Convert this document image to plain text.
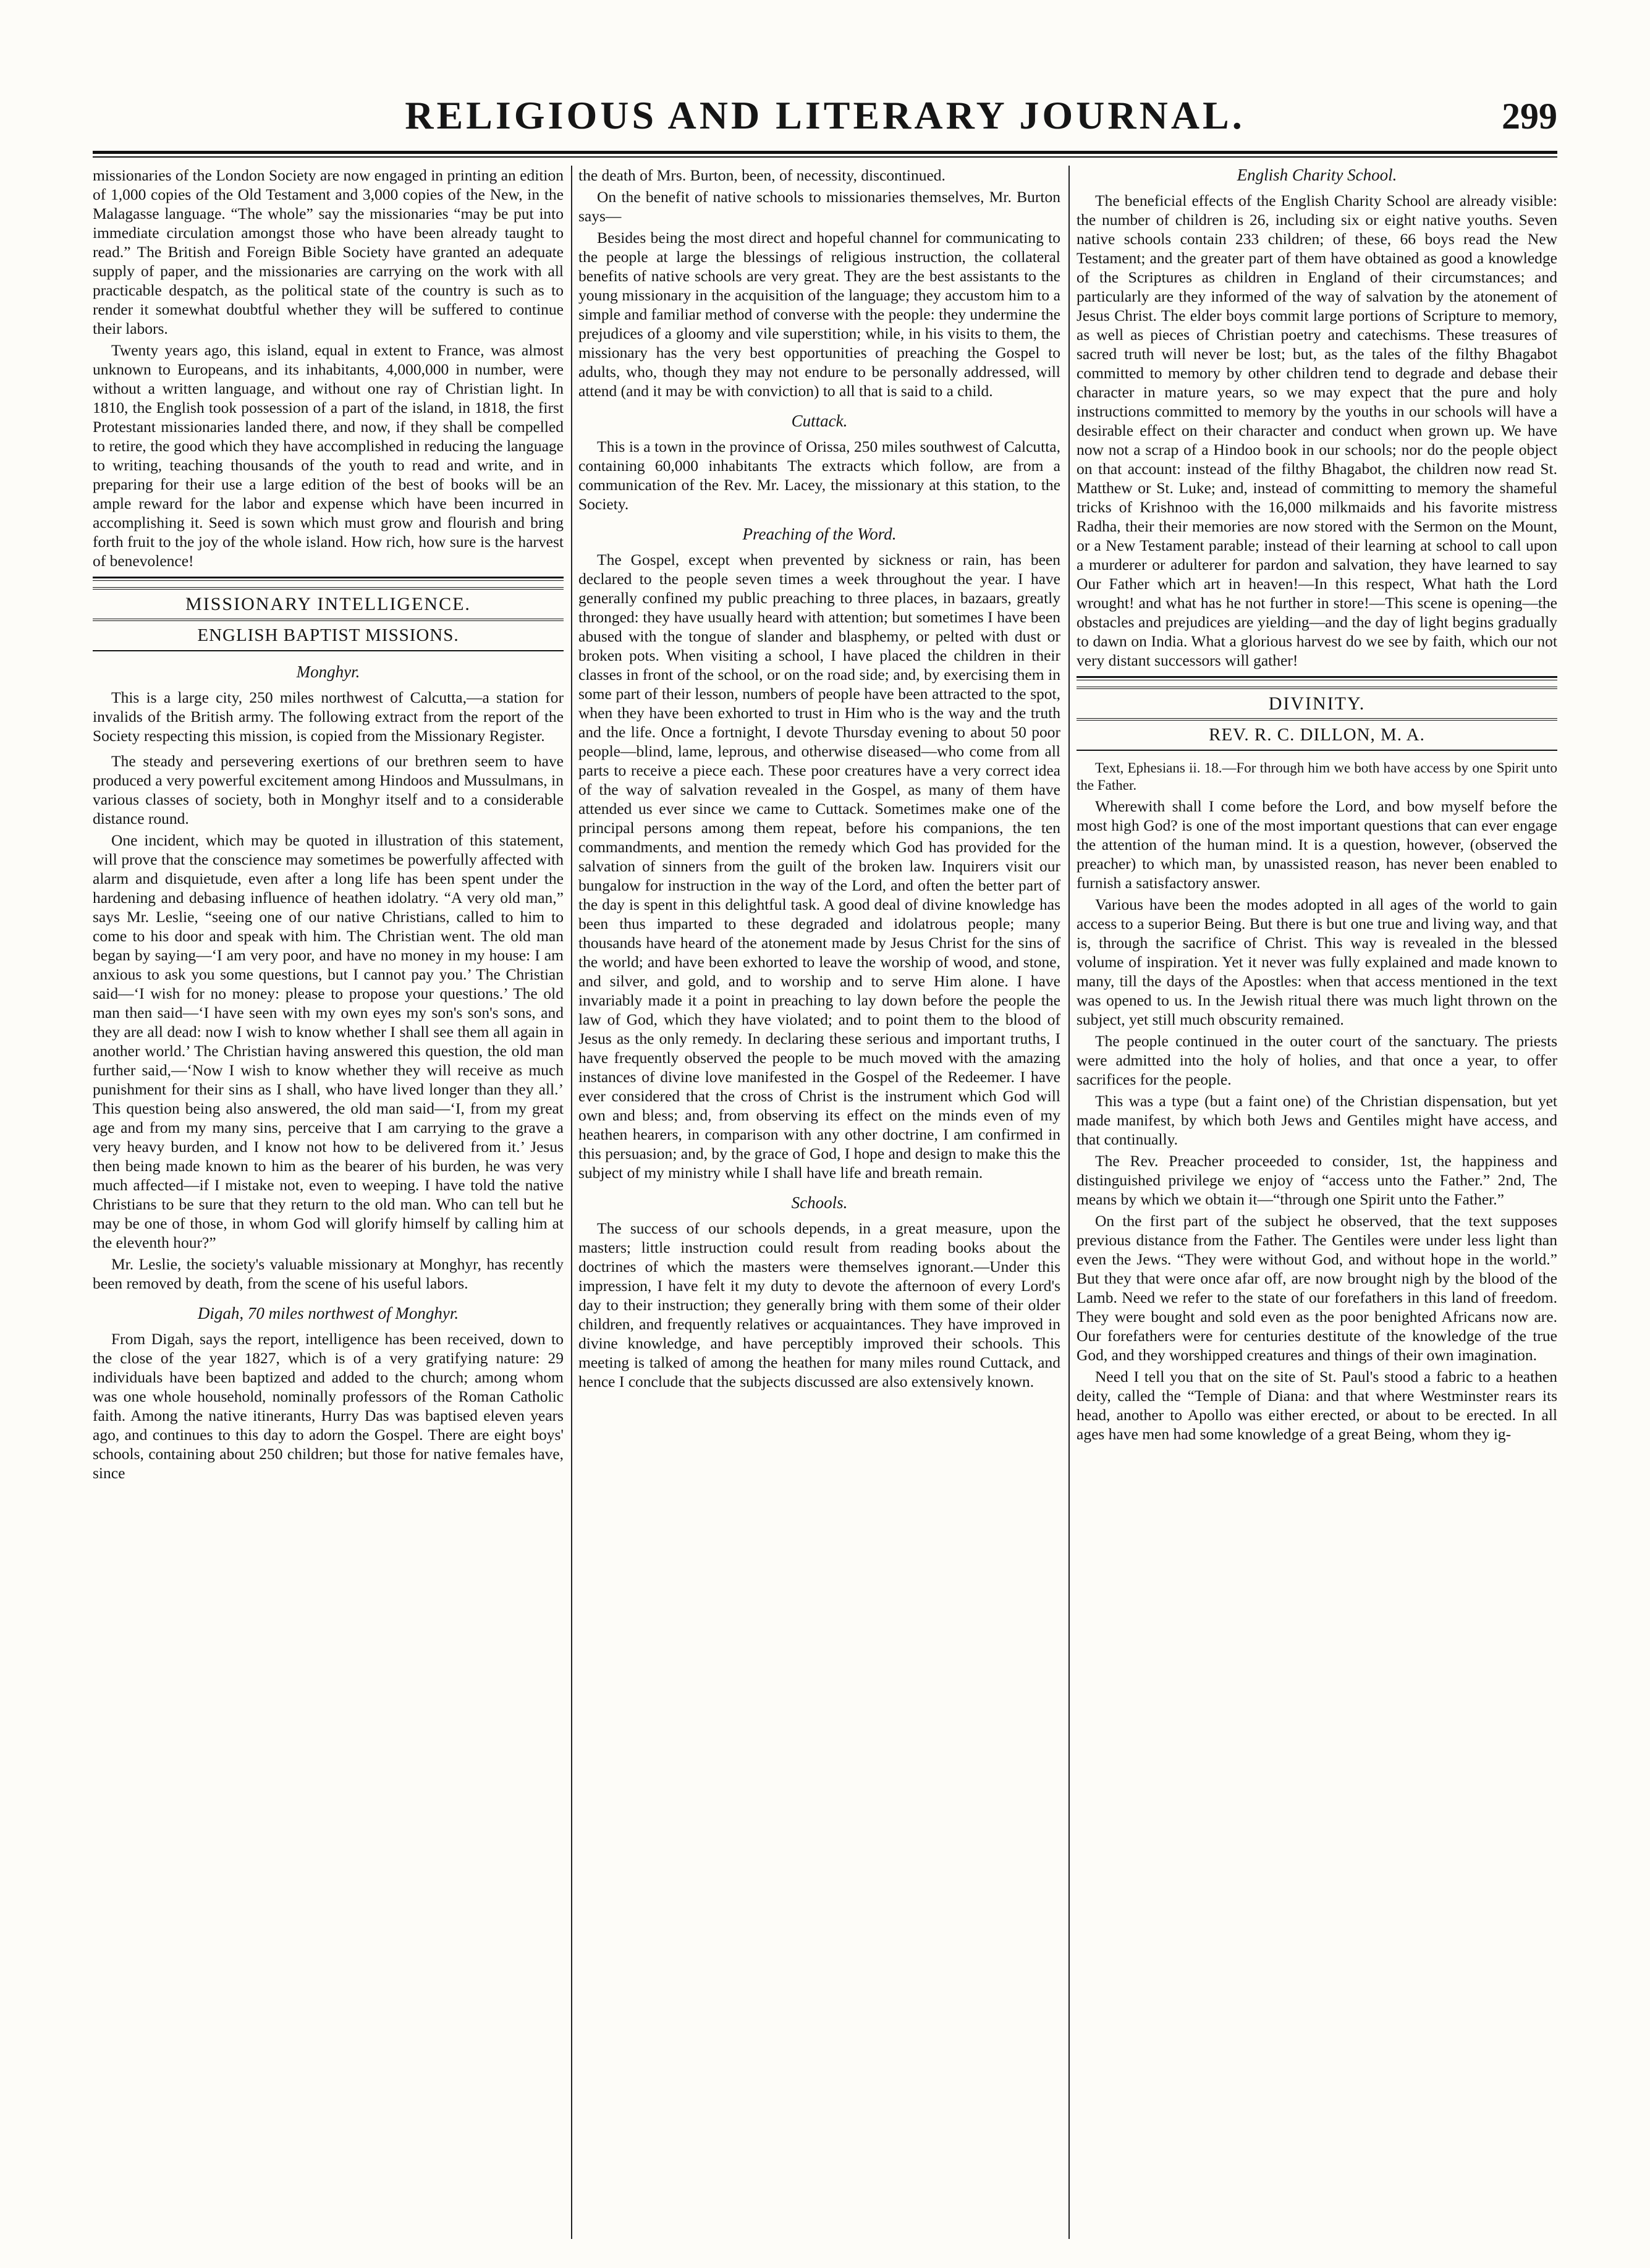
RELIGIOUS AND LITERARY JOURNAL.	299

missionaries of the London Society are now engaged in printing an edition of 1,000 copies of the Old Testament and 3,000 copies of the New, in the Malagasse language. “The whole” say the missionaries “may be put into immediate circulation amongst those who have been already taught to read.” The British and Foreign Bible Society have granted an adequate supply of paper, and the missionaries are carrying on the work with all practicable despatch, as the political state of the country is such as to render it somewhat doubtful whether they will be suffered to continue their labors.

Twenty years ago, this island, equal in extent to France, was almost unknown to Europeans, and its inhabitants, 4,000,000 in number, were without a written language, and without one ray of Christian light. In 1810, the English took possession of a part of the island, in 1818, the first Protestant missionaries landed there, and now, if they shall be compelled to retire, the good which they have accomplished in reducing the language to writing, teaching thousands of the youth to read and write, and in preparing for their use a large edition of the best of books will be an ample reward for the labor and expense which have been incurred in accomplishing it. Seed is sown which must grow and flourish and bring forth fruit to the joy of the whole island. How rich, how sure is the harvest of benevolence!

MISSIONARY INTELLIGENCE.
ENGLISH BAPTIST MISSIONS.
Monghyr.

This is a large city, 250 miles northwest of Calcutta,—a station for invalids of the British army. The following extract from the report of the Society respecting this mission, is copied from the Missionary Register.

The steady and persevering exertions of our brethren seem to have produced a very powerful excitement among Hindoos and Mussulmans, in various classes of society, both in Monghyr itself and to a considerable distance round.

One incident, which may be quoted in illustration of this statement, will prove that the conscience may sometimes be powerfully affected with alarm and disquietude, even after a long life has been spent under the hardening and debasing influence of heathen idolatry. “A very old man,” says Mr. Leslie, “seeing one of our native Christians, called to him to come to his door and speak with him. The Christian went. The old man began by saying—‘I am very poor, and have no money in my house: I am anxious to ask you some questions, but I cannot pay you.’ The Christian said—‘I wish for no money: please to propose your questions.’ The old man then said—‘I have seen with my own eyes my son's son's sons, and they are all dead: now I wish to know whether I shall see them all again in another world.’ The Christian having answered this question, the old man further said,—‘Now I wish to know whether they will receive as much punishment for their sins as I shall, who have lived longer than they all.’ This question being also answered, the old man said—‘I, from my great age and from my many sins, perceive that I am carrying to the grave a very heavy burden, and I know not how to be delivered from it.’ Jesus then being made known to him as the bearer of his burden, he was very much affected—if I mistake not, even to weeping. I have told the native Christians to be sure that they return to the old man. Who can tell but he may be one of those, in whom God will glorify himself by calling him at the eleventh hour?”

Mr. Leslie, the society's valuable missionary at Monghyr, has recently been removed by death, from the scene of his useful labors.

Digah, 70 miles northwest of Monghyr.

From Digah, says the report, intelligence has been received, down to the close of the year 1827, which is of a very gratifying nature: 29 individuals have been baptized and added to the church; among whom was one whole household, nominally professors of the Roman Catholic faith. Among the native itinerants, Hurry Das was baptised eleven years ago, and continues to this day to adorn the Gospel. There are eight boys' schools, containing about 250 children; but those for native females have, since

the death of Mrs. Burton, been, of necessity, discontinued.

On the benefit of native schools to missionaries themselves, Mr. Burton says—

Besides being the most direct and hopeful channel for communicating to the people at large the blessings of religious instruction, the collateral benefits of native schools are very great. They are the best assistants to the young missionary in the acquisition of the language; they accustom him to a simple and familiar method of converse with the people: they undermine the prejudices of a gloomy and vile superstition; while, in his visits to them, the missionary has the very best opportunities of preaching the Gospel to adults, who, though they may not endure to be personally addressed, will attend (and it may be with conviction) to all that is said to a child.

Cuttack.

This is a town in the province of Orissa, 250 miles southwest of Calcutta, containing 60,000 inhabitants The extracts which follow, are from a communication of the Rev. Mr. Lacey, the missionary at this station, to the Society.

Preaching of the Word.

The Gospel, except when prevented by sickness or rain, has been declared to the people seven times a week throughout the year. I have generally confined my public preaching to three places, in bazaars, greatly thronged: they have usually heard with attention; but sometimes I have been abused with the tongue of slander and blasphemy, or pelted with dust or broken pots. When visiting a school, I have placed the children in their classes in front of the school, or on the road side; and, by exercising them in some part of their lesson, numbers of people have been attracted to the spot, when they have been exhorted to trust in Him who is the way and the truth and the life. Once a fortnight, I devote Thursday evening to about 50 poor people—blind, lame, leprous, and otherwise diseased—who come from all parts to receive a piece each. These poor creatures have a very correct idea of the way of salvation revealed in the Gospel, as many of them have attended us ever since we came to Cuttack. Sometimes make one of the principal persons among them repeat, before his companions, the ten commandments, and mention the remedy which God has provided for the salvation of sinners from the guilt of the broken law. Inquirers visit our bungalow for instruction in the way of the Lord, and often the better part of the day is spent in this delightful task. A good deal of divine knowledge has been thus imparted to these degraded and idolatrous people; many thousands have heard of the atonement made by Jesus Christ for the sins of the world; and have been exhorted to leave the worship of wood, and stone, and silver, and gold, and to worship and to serve Him alone. I have invariably made it a point in preaching to lay down before the people the law of God, which they have violated; and to point them to the blood of Jesus as the only remedy. In declaring these serious and important truths, I have frequently observed the people to be much moved with the amazing instances of divine love manifested in the Gospel of the Redeemer. I have ever considered that the cross of Christ is the instrument which God will own and bless; and, from observing its effect on the minds even of my heathen hearers, in comparison with any other doctrine, I am confirmed in this persuasion; and, by the grace of God, I hope and design to make this the subject of my ministry while I shall have life and breath remain.

Schools.

The success of our schools depends, in a great measure, upon the masters; little instruction could result from reading books about the doctrines of which the masters were themselves ignorant.—Under this impression, I have felt it my duty to devote the afternoon of every Lord's day to their instruction; they generally bring with them some of their older children, and frequently relatives or acquaintances. They have improved in divine knowledge, and have perceptibly improved their schools. This meeting is talked of among the heathen for many miles round Cuttack, and hence I conclude that the subjects discussed are also extensively known.

English Charity School.

The beneficial effects of the English Charity School are already visible: the number of children is 26, including six or eight native youths. Seven native schools contain 233 children; of these, 66 boys read the New Testament; and the greater part of them have obtained as good a knowledge of the Scriptures as children in England of their circumstances; and particularly are they informed of the way of salvation by the atonement of Jesus Christ. The elder boys commit large portions of Scripture to memory, as well as pieces of Christian poetry and catechisms. These treasures of sacred truth will never be lost; but, as the tales of the filthy Bhagabot committed to memory by other children tend to degrade and debase their character in mature years, so we may expect that the pure and holy instructions committed to memory by the youths in our schools will have a desirable effect on their character and conduct when grown up. We have now not a scrap of a Hindoo book in our schools; nor do the people object on that account: instead of the filthy Bhagabot, the children now read St. Matthew or St. Luke; and, instead of committing to memory the shameful tricks of Krishnoo with the 16,000 milkmaids and his favorite mistress Radha, their their memories are now stored with the Sermon on the Mount, or a New Testament parable; instead of their learning at school to call upon a murderer or adulterer for pardon and salvation, they have learned to say Our Father which art in heaven!—In this respect, What hath the Lord wrought! and what has he not further in store!—This scene is opening—the obstacles and prejudices are yielding—and the day of light begins gradually to dawn on India. What a glorious harvest do we see by faith, which our not very distant successors will gather!

DIVINITY.
REV. R. C. DILLON, M. A.

Text, Ephesians ii. 18.—For through him we both have access by one Spirit unto the Father.

Wherewith shall I come before the Lord, and bow myself before the most high God? is one of the most important questions that can ever engage the attention of the human mind. It is a question, however, (observed the preacher) to which man, by unassisted reason, has never been enabled to furnish a satisfactory answer.

Various have been the modes adopted in all ages of the world to gain access to a superior Being. But there is but one true and living way, and that is, through the sacrifice of Christ. This way is revealed in the blessed volume of inspiration. Yet it never was fully explained and made known to many, till the days of the Apostles: when that access mentioned in the text was opened to us. In the Jewish ritual there was much light thrown on the subject, yet still much obscurity remained.

The people continued in the outer court of the sanctuary. The priests were admitted into the holy of holies, and that once a year, to offer sacrifices for the people.

This was a type (but a faint one) of the Christian dispensation, but yet made manifest, by which both Jews and Gentiles might have access, and that continually.

The Rev. Preacher proceeded to consider, 1st, the happiness and distinguished privilege we enjoy of “access unto the Father.” 2nd, The means by which we obtain it—“through one Spirit unto the Father.”

On the first part of the subject he observed, that the text supposes previous distance from the Father. The Gentiles were under less light than even the Jews. “They were without God, and without hope in the world.” But they that were once afar off, are now brought nigh by the blood of the Lamb. Need we refer to the state of our forefathers in this land of freedom. They were bought and sold even as the poor benighted Africans now are. Our forefathers were for centuries destitute of the knowledge of the true God, and they worshipped creatures and things of their own imagination.

Need I tell you that on the site of St. Paul's stood a fabric to a heathen deity, called the “Temple of Diana: and that where Westminster rears its head, another to Apollo was either erected, or about to be erected. In all ages have men had some knowledge of a great Being, whom they ig-
